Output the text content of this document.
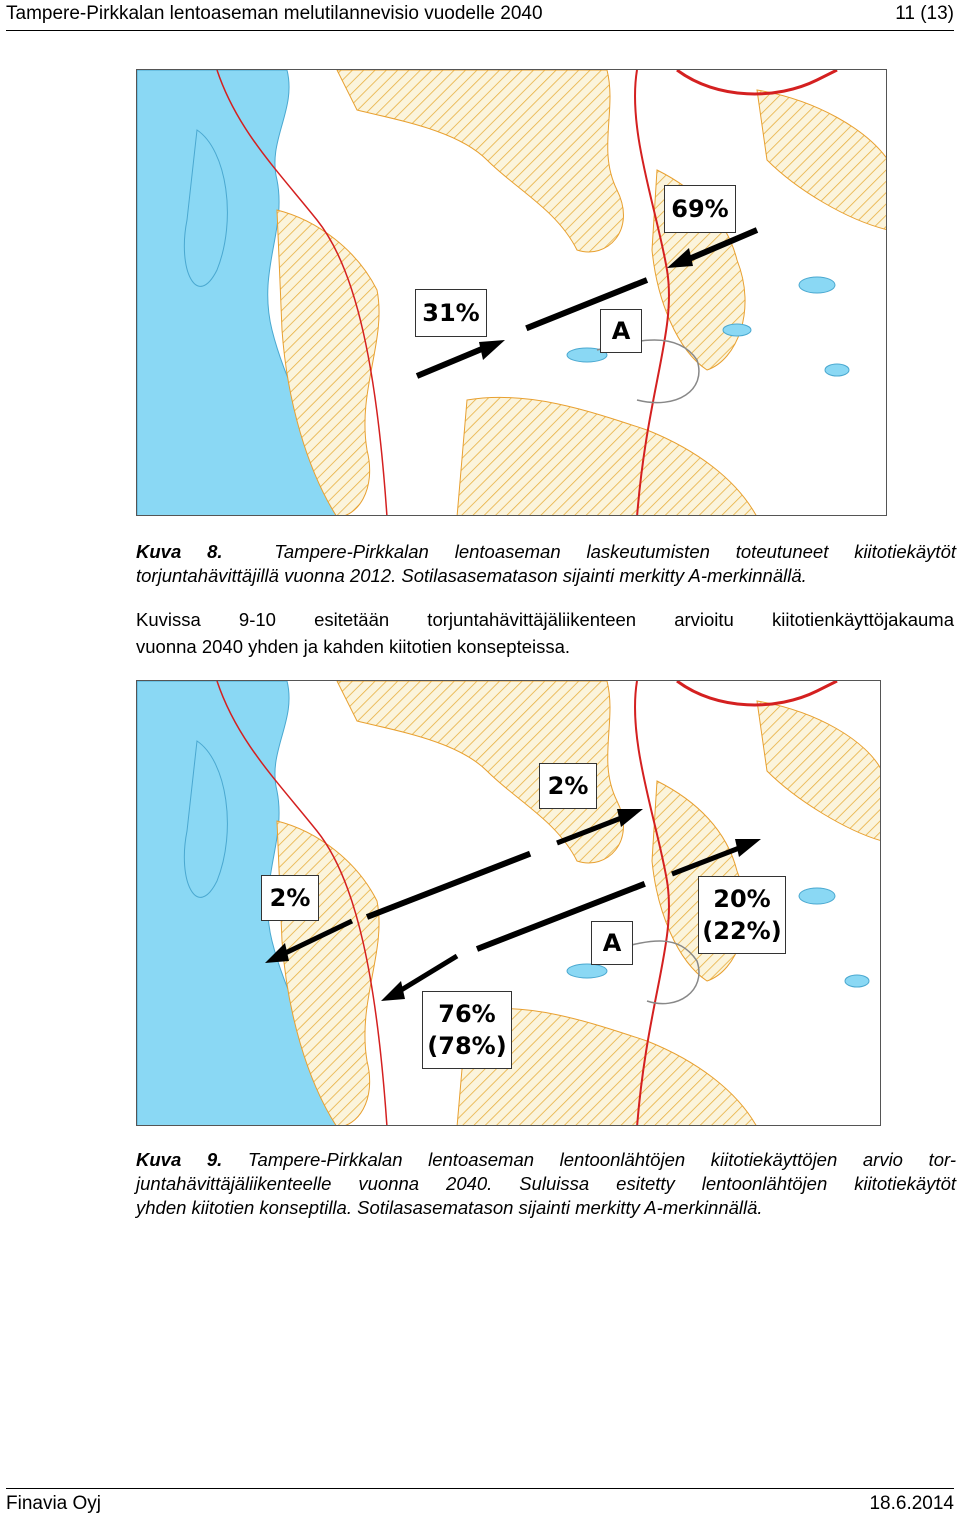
Tampere-Pirkkalan lentoaseman melutilannevisio vuodelle 2040	11 (13)
69%
31%
A
Kuva 8.	Tampere-Pirkkalan lentoaseman laskeutumisten toteutuneet kiitotiekäytöt
torjuntahävittäjillä vuonna 2012. Sotilasasematason sijainti merkitty A-merkinnällä.
Kuvissa 9-10 esitetään torjuntahävittäjäliikenteen arvioitu kiitotienkäyttöjakauma
vuonna 2040 yhden ja kahden kiitotien konsepteissa.
2%
2%	20%
(22%)
76%
(78%)
A
Kuva 9. Tampere-Pirkkalan lentoaseman lentoonlähtöjen kiitotiekäyttöjen arvio tor-
juntahävittäjäliikenteelle vuonna 2040. Suluissa esitetty lentoonlähtöjen kiitotiekäytöt
yhden kiitotien konseptilla. Sotilasasematason sijainti merkitty A-merkinnällä.
Finavia Oyj	18.6.2014
